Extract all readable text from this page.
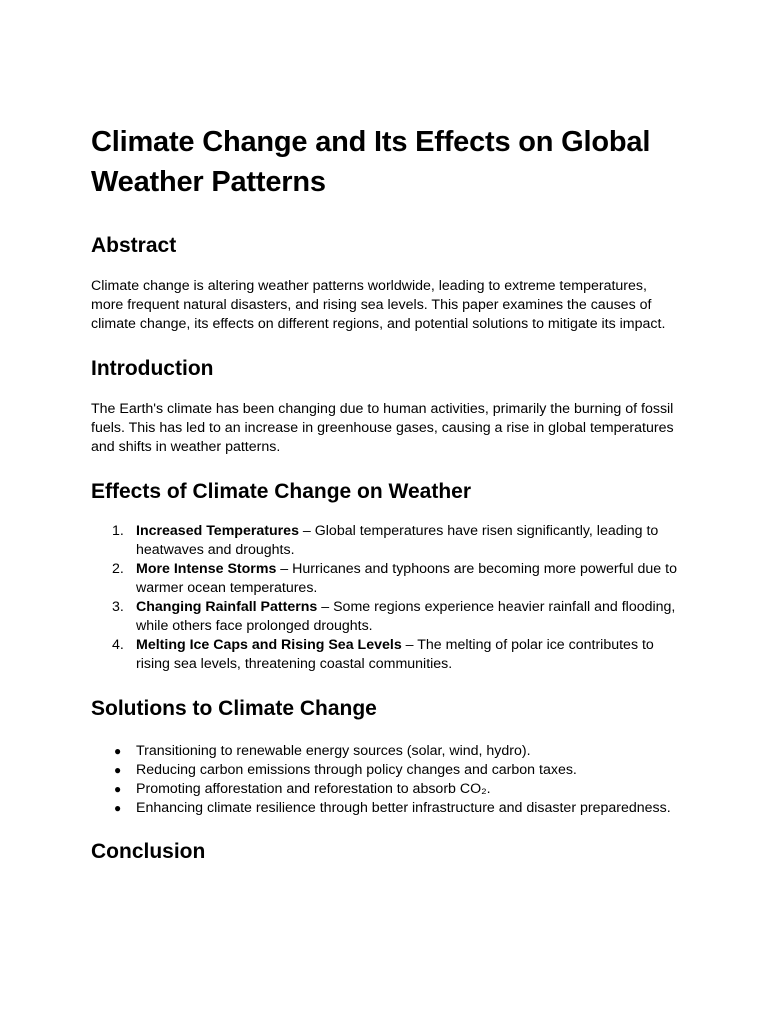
Climate Change and Its Effects on Global Weather Patterns
Abstract

Climate change is altering weather patterns worldwide, leading to extreme temperatures, more frequent natural disasters, and rising sea levels. This paper examines the causes of climate change, its effects on different regions, and potential solutions to mitigate its impact.

Introduction

The Earth's climate has been changing due to human activities, primarily the burning of fossil fuels. This has led to an increase in greenhouse gases, causing a rise in global temperatures and shifts in weather patterns.

Effects of Climate Change on Weather
1. Increased Temperatures – Global temperatures have risen significantly, leading to heatwaves and droughts.
2. More Intense Storms – Hurricanes and typhoons are becoming more powerful due to warmer ocean temperatures.
3. Changing Rainfall Patterns – Some regions experience heavier rainfall and flooding, while others face prolonged droughts.
4. Melting Ice Caps and Rising Sea Levels – The melting of polar ice contributes to rising sea levels, threatening coastal communities.
Solutions to Climate Change
● Transitioning to renewable energy sources (solar, wind, hydro).
● Reducing carbon emissions through policy changes and carbon taxes.
● Promoting afforestation and reforestation to absorb CO₂.
● Enhancing climate resilience through better infrastructure and disaster preparedness.
Conclusion
